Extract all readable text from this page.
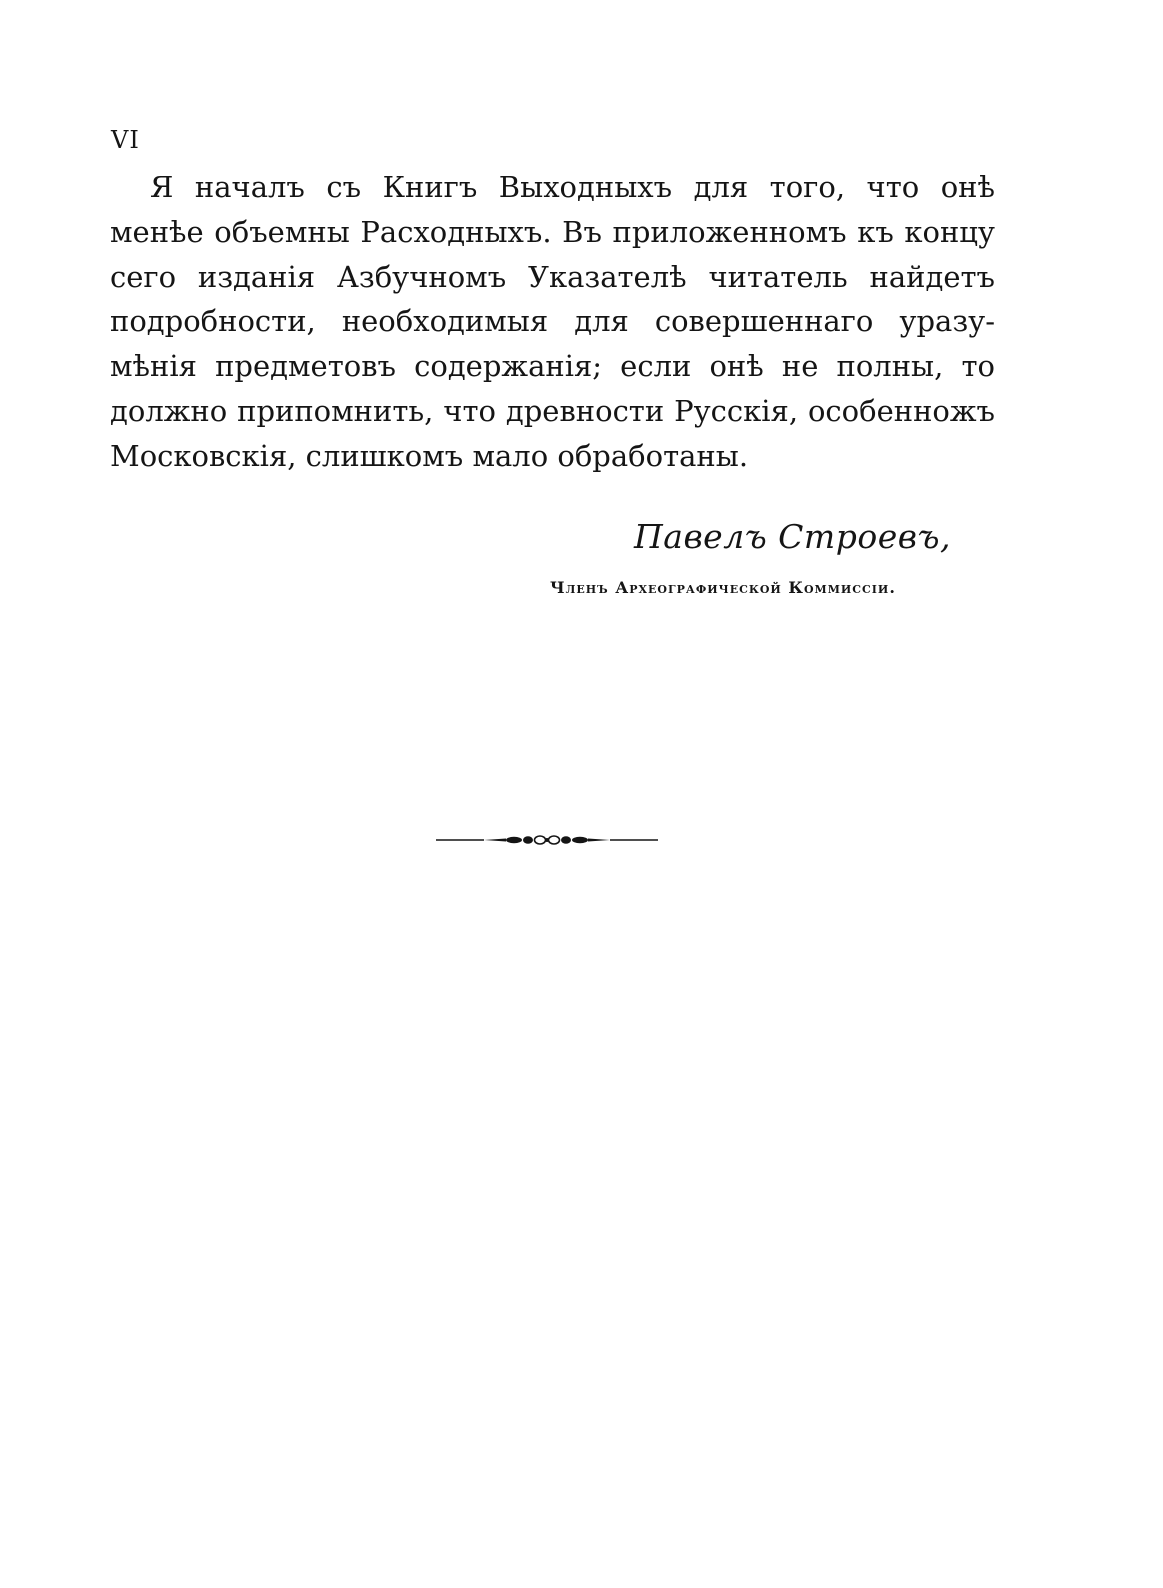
VI
Я началъ съ Книгъ Выходныхъ для того, что онѣ
менѣе объемны Расходныхъ. Въ приложенномъ къ концу
сего изданія Азбучномъ Указателѣ читатель найдетъ
подробности, необходимыя для совершеннаго уразу-
мѣнія предметовъ содержанія; если онѣ не полны, то
должно припомнить, что древности Русскія, особенножъ
Московскія, слишкомъ мало обработаны.
Павелъ Строевъ,
Членъ Археографической Коммиссіи.
